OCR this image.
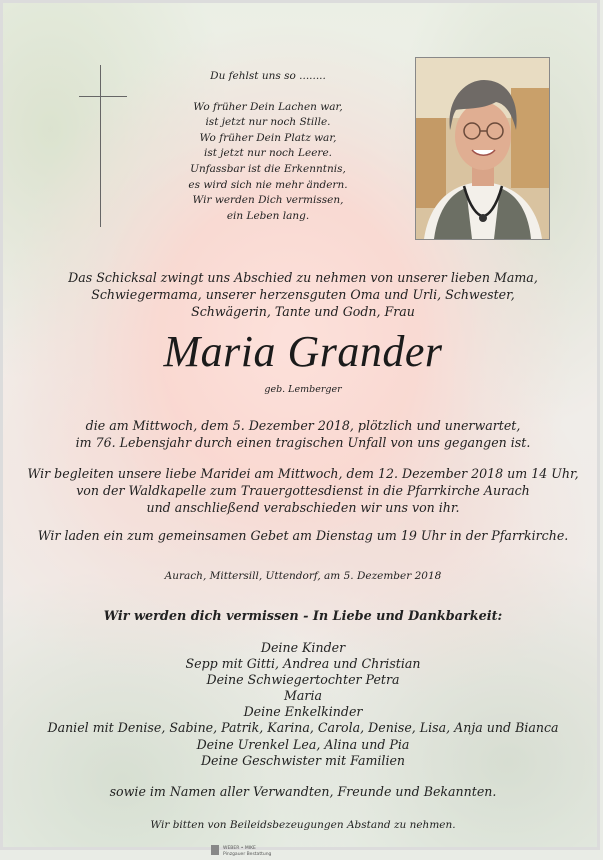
Du fehlst uns so ........
Wo früher Dein Lachen war,
ist jetzt nur noch Stille.
Wo früher Dein Platz war,
ist jetzt nur noch Leere.
Unfassbar ist die Erkenntnis,
es wird sich nie mehr ändern.
Wir werden Dich vermissen,
ein Leben lang.
Das Schicksal zwingt uns Abschied zu nehmen von unserer lieben Mama,
Schwiegermama, unserer herzensguten Oma und Urli, Schwester,
Schwägerin, Tante und Godn, Frau
Maria Grander
geb. Lemberger
die am Mittwoch, dem 5. Dezember 2018, plötzlich und unerwartet,
im 76. Lebensjahr durch einen tragischen Unfall von uns gegangen ist.
Wir begleiten unsere liebe Maridei am Mittwoch, dem 12. Dezember 2018 um 14 Uhr,
von der Waldkapelle zum Trauergottesdienst in die Pfarrkirche Aurach
und anschließend verabschieden wir uns von ihr.
Wir laden ein zum gemeinsamen Gebet am Dienstag um 19 Uhr in der Pfarrkirche.
Aurach, Mittersill, Uttendorf, am 5. Dezember 2018
Wir werden dich vermissen - In Liebe und Dankbarkeit:
Deine Kinder
Sepp mit Gitti, Andrea und Christian
Deine Schwiegertochter Petra
Maria
Deine Enkelkinder
Daniel mit Denise, Sabine, Patrik, Karina, Carola, Denise, Lisa, Anja und Bianca
Deine Urenkel Lea, Alina und Pia
Deine Geschwister mit Familien
sowie im Namen aller Verwandten, Freunde und Bekannten.
Wir bitten von Beileidsbezeugungen Abstand zu nehmen.
WEBER • MIKE
Pinzgauer Bestattung
